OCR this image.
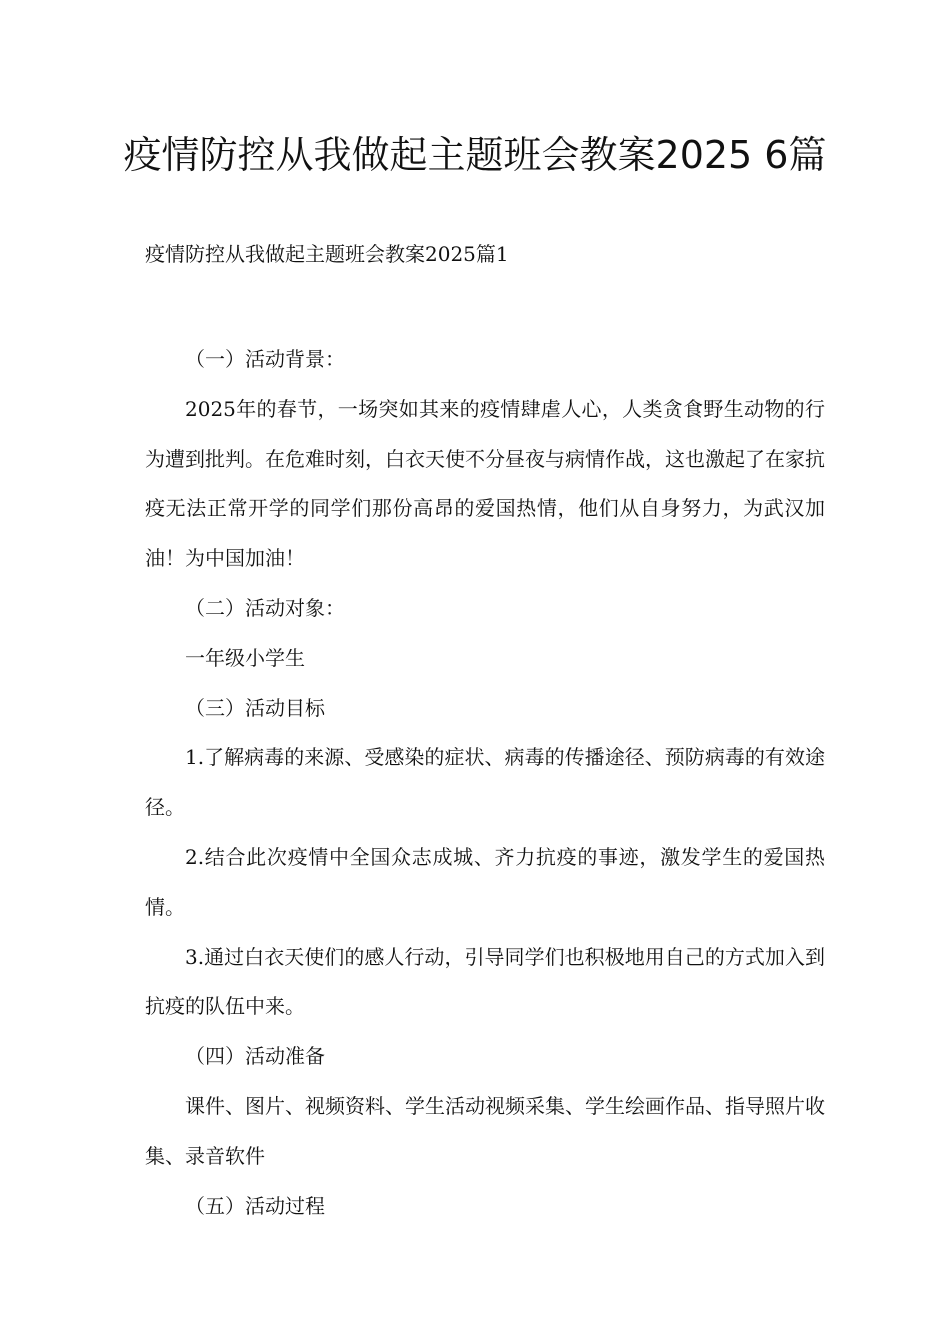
疫情防控从我做起主题班会教案2025 6篇

疫情防控从我做起主题班会教案2025篇1

（一）活动背景：

2025年的春节，一场突如其来的疫情肆虐人心，人类贪食野生动物的行为遭到批判。在危难时刻，白衣天使不分昼夜与病情作战，这也激起了在家抗疫无法正常开学的同学们那份高昂的爱国热情，他们从自身努力，为武汉加油！为中国加油！

（二）活动对象：

一年级小学生

（三）活动目标

1.了解病毒的来源、受感染的症状、病毒的传播途径、预防病毒的有效途径。

2.结合此次疫情中全国众志成城、齐力抗疫的事迹，激发学生的爱国热情。

3.通过白衣天使们的感人行动，引导同学们也积极地用自己的方式加入到抗疫的队伍中来。

（四）活动准备

课件、图片、视频资料、学生活动视频采集、学生绘画作品、指导照片收集、录音软件

（五）活动过程
